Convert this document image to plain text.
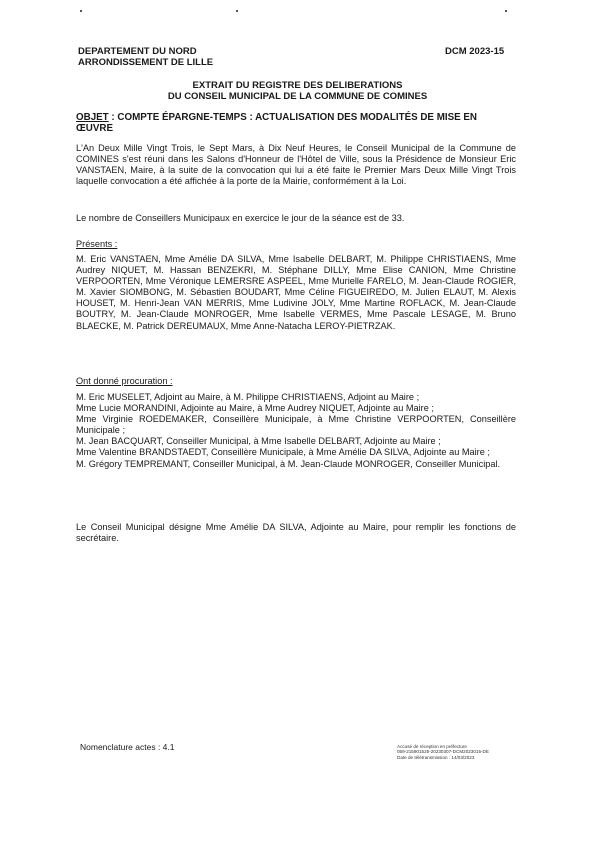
DEPARTEMENT DU NORD
ARRONDISSEMENT DE LILLE
DCM 2023-15
EXTRAIT DU REGISTRE DES DELIBERATIONS
DU CONSEIL MUNICIPAL DE LA COMMUNE DE COMINES
OBJET : COMPTE ÉPARGNE-TEMPS : ACTUALISATION DES MODALITÉS DE MISE EN ŒUVRE
L'An Deux Mille Vingt Trois, le Sept Mars, à Dix Neuf Heures, le Conseil Municipal de la Commune de COMINES s'est réuni dans les Salons d'Honneur de l'Hôtel de Ville, sous la Présidence de Monsieur Eric VANSTAEN, Maire, à la suite de la convocation qui lui a été faite le Premier Mars Deux Mille Vingt Trois laquelle convocation a été affichée à la porte de la Mairie, conformément à la Loi.
Le nombre de Conseillers Municipaux en exercice le jour de la séance est de 33.
Présents :
M. Eric VANSTAEN, Mme Amélie DA SILVA, Mme Isabelle DELBART, M. Philippe CHRISTIAENS, Mme Audrey NIQUET, M. Hassan BENZEKRI, M. Stéphane DILLY, Mme Elise CANION, Mme Christine VERPOORTEN, Mme Véronique LEMERSRE ASPEEL, Mme Murielle FARELO, M. Jean-Claude ROGIER, M. Xavier SIOMBONG, M. Sébastien BOUDART, Mme Céline FIGUEIREDO, M. Julien ELAUT, M. Alexis HOUSET, M. Henri-Jean VAN MERRIS, Mme Ludivine JOLY, Mme Martine ROFLACK, M. Jean-Claude BOUTRY, M. Jean-Claude MONROGER, Mme Isabelle VERMES, Mme Pascale LESAGE, M. Bruno BLAECKE, M. Patrick DEREUMAUX, Mme Anne-Natacha LEROY-PIETRZAK.
Ont donné procuration :
M. Eric MUSELET, Adjoint au Maire, à M. Philippe CHRISTIAENS, Adjoint au Maire ;
Mme Lucie MORANDINI, Adjointe au Maire, à Mme Audrey NIQUET, Adjointe au Maire ;
Mme Virginie ROEDEMAKER, Conseillère Municipale, à Mme Christine VERPOORTEN, Conseillère Municipale ;
M. Jean BACQUART, Conseiller Municipal, à Mme Isabelle DELBART, Adjointe au Maire ;
Mme Valentine BRANDSTAEDT, Conseillère Municipale, à Mme Amélie DA SILVA, Adjointe au Maire ;
M. Grégory TEMPREMANT, Conseiller Municipal, à M. Jean-Claude MONROGER, Conseiller Municipal.
Le Conseil Municipal désigne Mme Amélie DA SILVA, Adjointe au Maire, pour remplir les fonctions de secrétaire.
Nomenclature actes : 4.1	Accusé de réception en préfecture
059-215901525-20230307-DCM2023015-DE
Date de télétransmission : 14/03/2023
